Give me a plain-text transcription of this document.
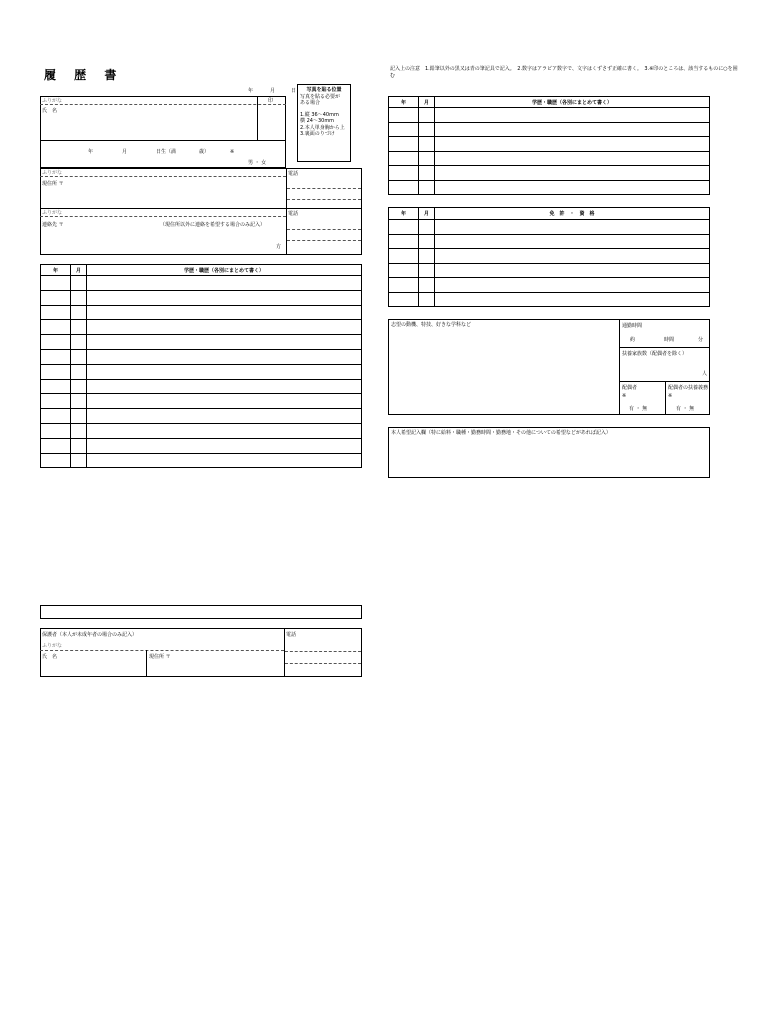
履 歴 書
年	月	日	写真を貼る位置
写真を貼る必要が
ある場合
1.縦 36～40mm
横 24～30mm
2.本人単身胸から上
3.裏面のりづけ
ふりがな
氏　名
印
年	月	日生（満	歳）	※
男 ・ 女
ふりがな
現住所 〒
電話
ふりがな
連絡先 〒	（現住所以外に連絡を希望する場合のみ記入）
方
電話
年	月	学歴・職歴（各別にまとめて書く）

保護者（本人が未成年者の場合のみ記入）
ふりがな
氏　名	現住所 〒
電話
記入上の注意　1.鉛筆以外の黒又は青の筆記具で記入。　2.数字はアラビア数字で、文字はくずさず正確に書く。　3.※印のところは、該当するものに○を囲む
年	月	学歴・職歴（各別にまとめて書く）

年	月	免　許　・　資　格

志望の動機、特技、好きな学科など	通勤時間
約	時間	分
扶養家族数（配偶者を除く）
人
配偶者
※
有 ・ 無
配偶者の扶養義務
※
有 ・ 無
本人希望記入欄（特に給料・職種・勤務時間・勤務地・その他についての希望などがあれば記入）
